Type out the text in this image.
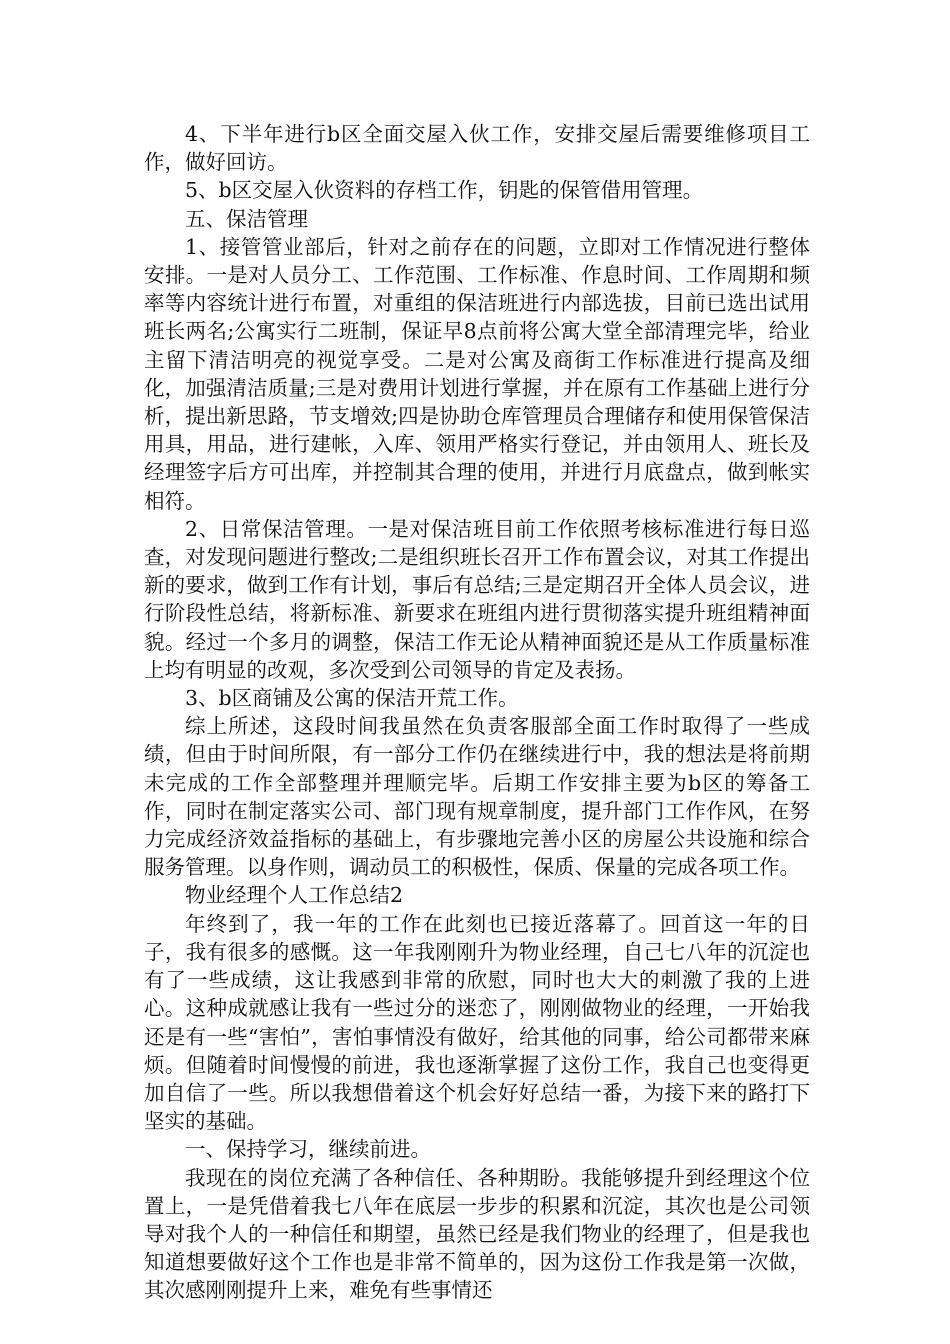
4、下半年进行b区全面交屋入伙工作，安排交屋后需要维修项目工作，做好回访。

5、b区交屋入伙资料的存档工作，钥匙的保管借用管理。

五、保洁管理

1、接管管业部后，针对之前存在的问题，立即对工作情况进行整体安排。一是对人员分工、工作范围、工作标准、作息时间、工作周期和频率等内容统计进行布置，对重组的保洁班进行内部选拔，目前已选出试用班长两名;公寓实行二班制，保证早8点前将公寓大堂全部清理完毕，给业主留下清洁明亮的视觉享受。二是对公寓及商街工作标准进行提高及细化，加强清洁质量;三是对费用计划进行掌握，并在原有工作基础上进行分析，提出新思路，节支增效;四是协助仓库管理员合理储存和使用保管保洁用具，用品，进行建帐，入库、领用严格实行登记，并由领用人、班长及经理签字后方可出库，并控制其合理的使用，并进行月底盘点，做到帐实相符。

2、日常保洁管理。一是对保洁班目前工作依照考核标准进行每日巡查，对发现问题进行整改;二是组织班长召开工作布置会议，对其工作提出新的要求，做到工作有计划，事后有总结;三是定期召开全体人员会议，进行阶段性总结，将新标准、新要求在班组内进行贯彻落实提升班组精神面貌。经过一个多月的调整，保洁工作无论从精神面貌还是从工作质量标准上均有明显的改观，多次受到公司领导的肯定及表扬。

3、b区商铺及公寓的保洁开荒工作。

综上所述，这段时间我虽然在负责客服部全面工作时取得了一些成绩，但由于时间所限，有一部分工作仍在继续进行中，我的想法是将前期未完成的工作全部整理并理顺完毕。后期工作安排主要为b区的筹备工作，同时在制定落实公司、部门现有规章制度，提升部门工作作风，在努力完成经济效益指标的基础上，有步骤地完善小区的房屋公共设施和综合服务管理。以身作则，调动员工的积极性，保质、保量的完成各项工作。

物业经理个人工作总结2

年终到了，我一年的工作在此刻也已接近落幕了。回首这一年的日子，我有很多的感慨。这一年我刚刚升为物业经理，自己七八年的沉淀也有了一些成绩，这让我感到非常的欣慰，同时也大大的刺激了我的上进心。这种成就感让我有一些过分的迷恋了，刚刚做物业的经理，一开始我还是有一些“害怕”，害怕事情没有做好，给其他的同事，给公司都带来麻烦。但随着时间慢慢的前进，我也逐渐掌握了这份工作，我自己也变得更加自信了一些。所以我想借着这个机会好好总结一番，为接下来的路打下坚实的基础。

一、保持学习，继续前进。

我现在的岗位充满了各种信任、各种期盼。我能够提升到经理这个位置上，一是凭借着我七八年在底层一步步的积累和沉淀，其次也是公司领导对我个人的一种信任和期望，虽然已经是我们物业的经理了，但是我也知道想要做好这个工作也是非常不简单的，因为这份工作我是第一次做，其次感刚刚提升上来，难免有些事情还
